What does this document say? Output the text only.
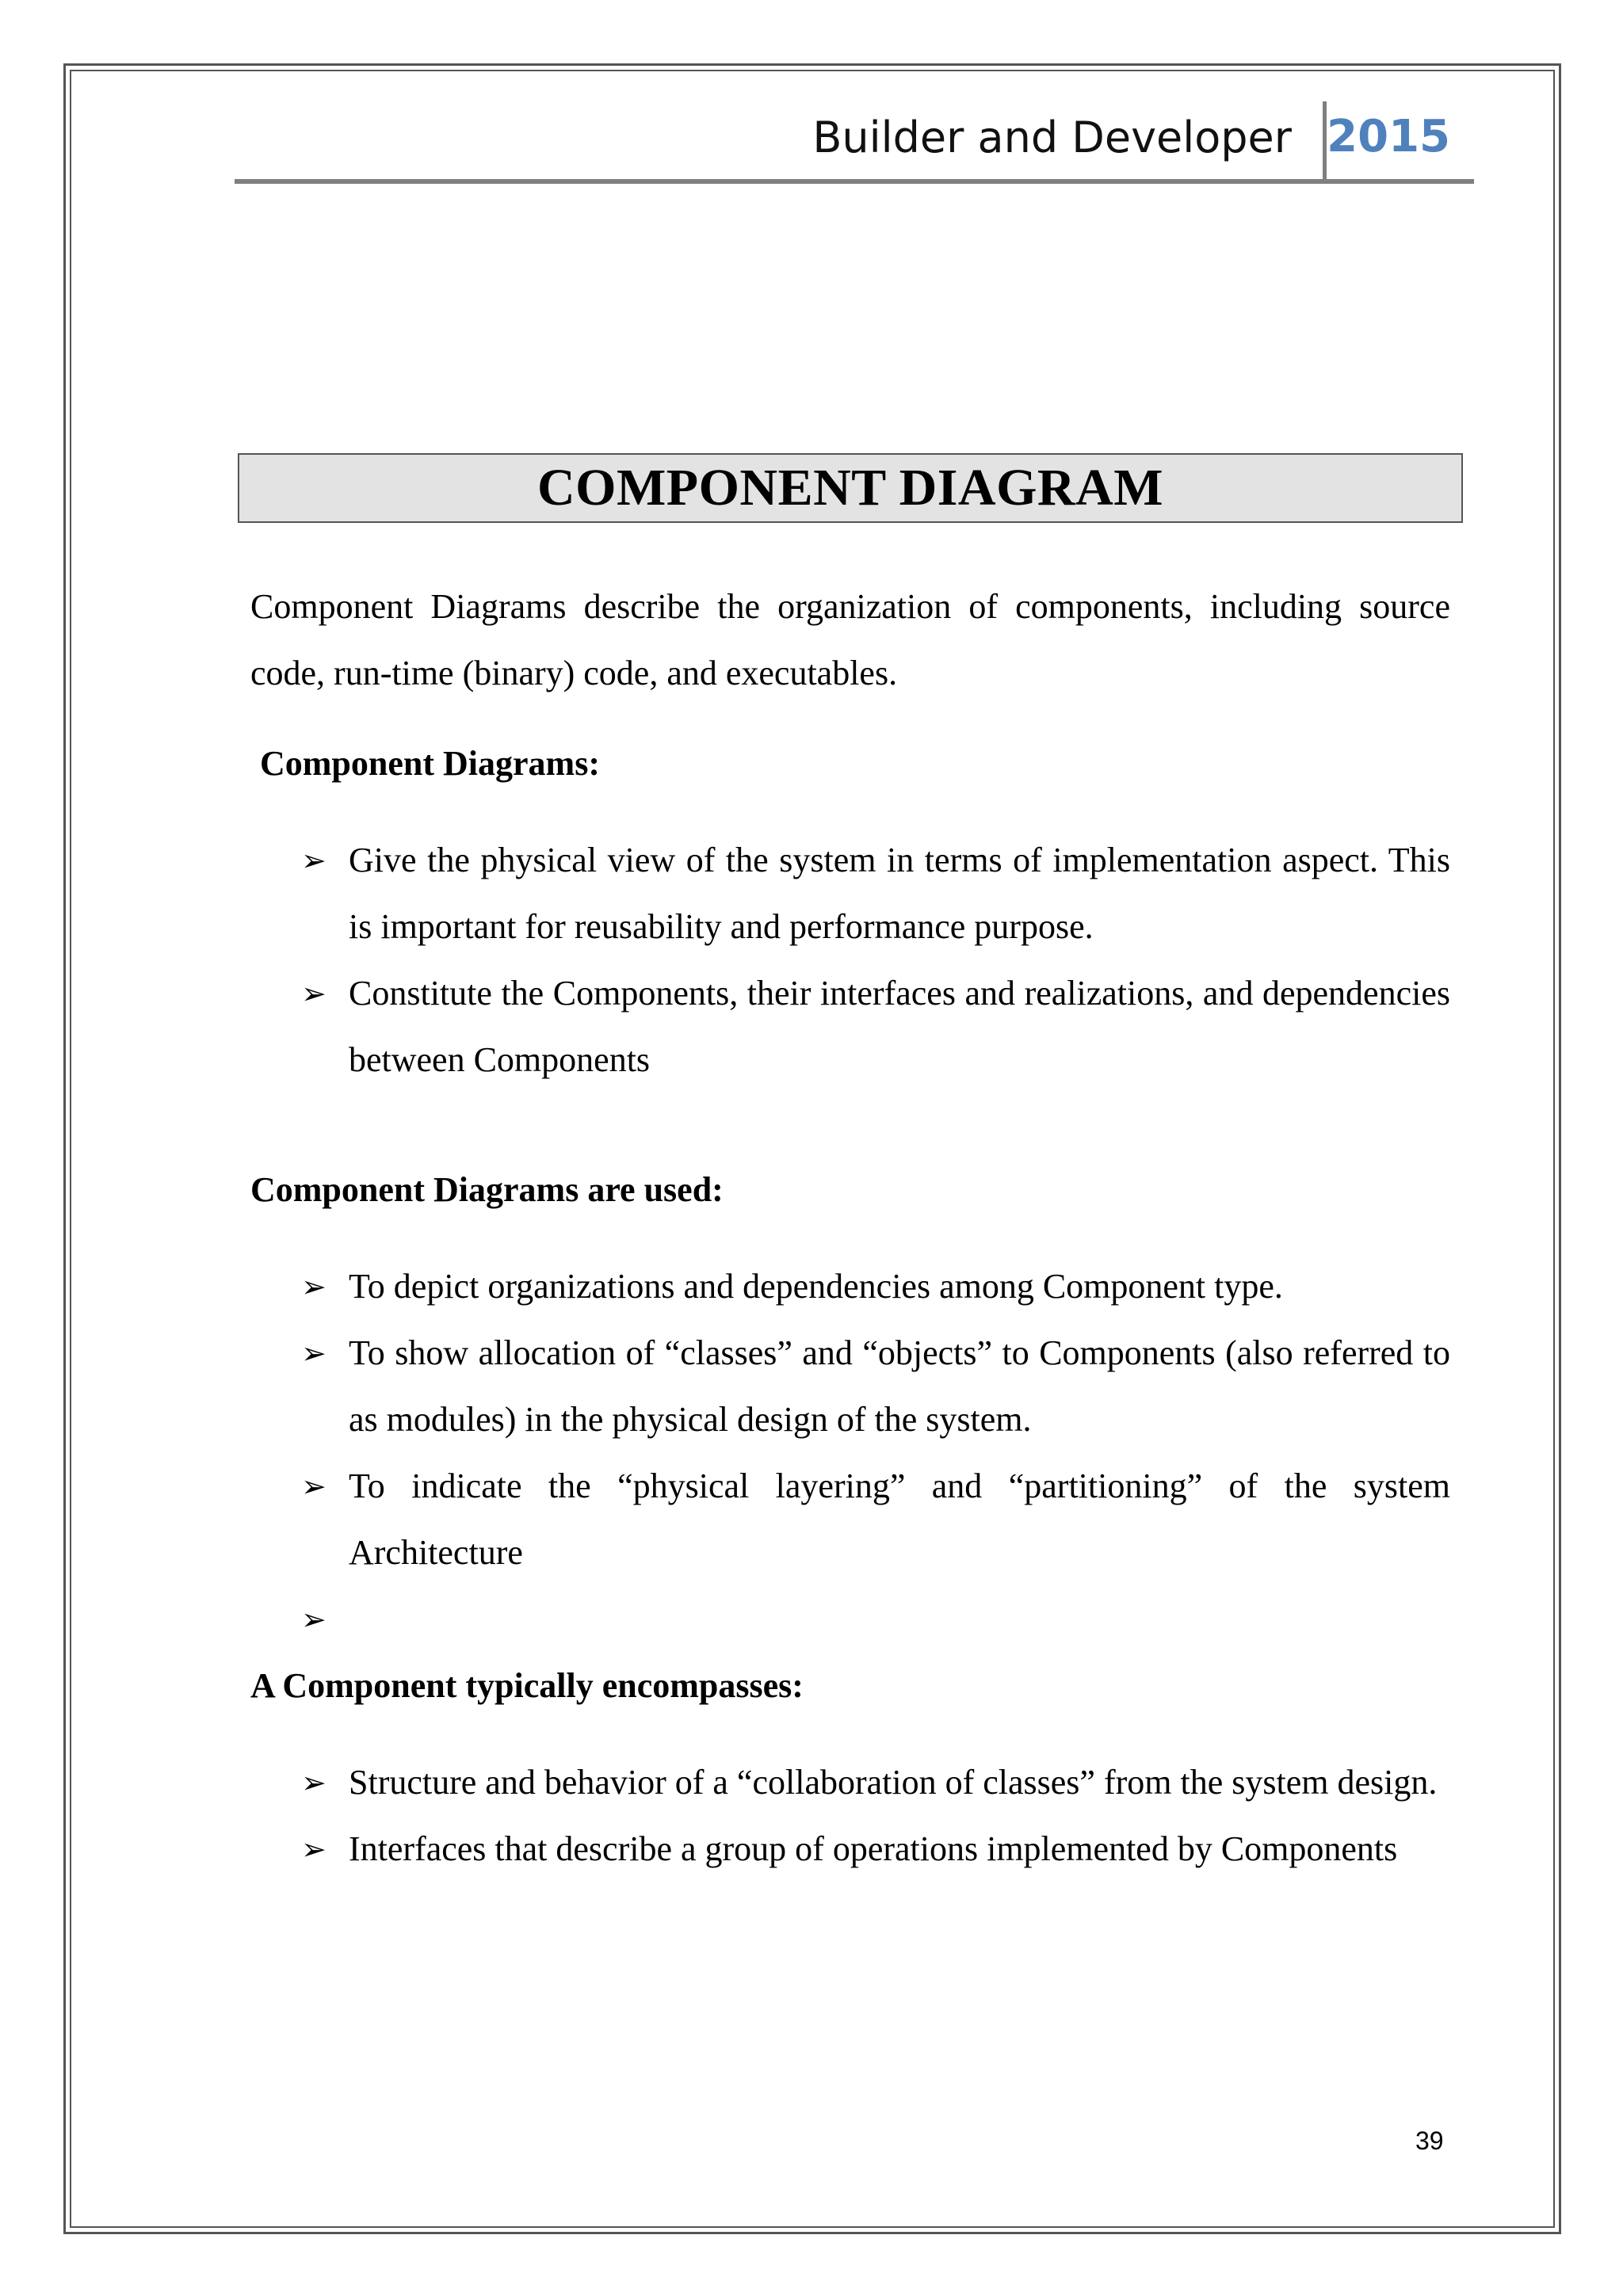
Builder and Developer 2015
COMPONENT DIAGRAM

Component Diagrams describe the organization of components, including source code, run-time (binary) code, and executables.

Component Diagrams:

➢ Give the physical view of the system in terms of implementation aspect. This is important for reusability and performance purpose.
➢ Constitute the Components, their interfaces and realizations, and dependencies between Components

Component Diagrams are used:

➢ To depict organizations and dependencies among Component type.
➢ To show allocation of “classes” and “objects” to Components (also referred to as modules) in the physical design of the system.
➢ To indicate the “physical layering” and “partitioning” of the system Architecture
➢

A Component typically encompasses:

➢ Structure and behavior of a “collaboration of classes” from the system design.
➢ Interfaces that describe a group of operations implemented by Components
39
